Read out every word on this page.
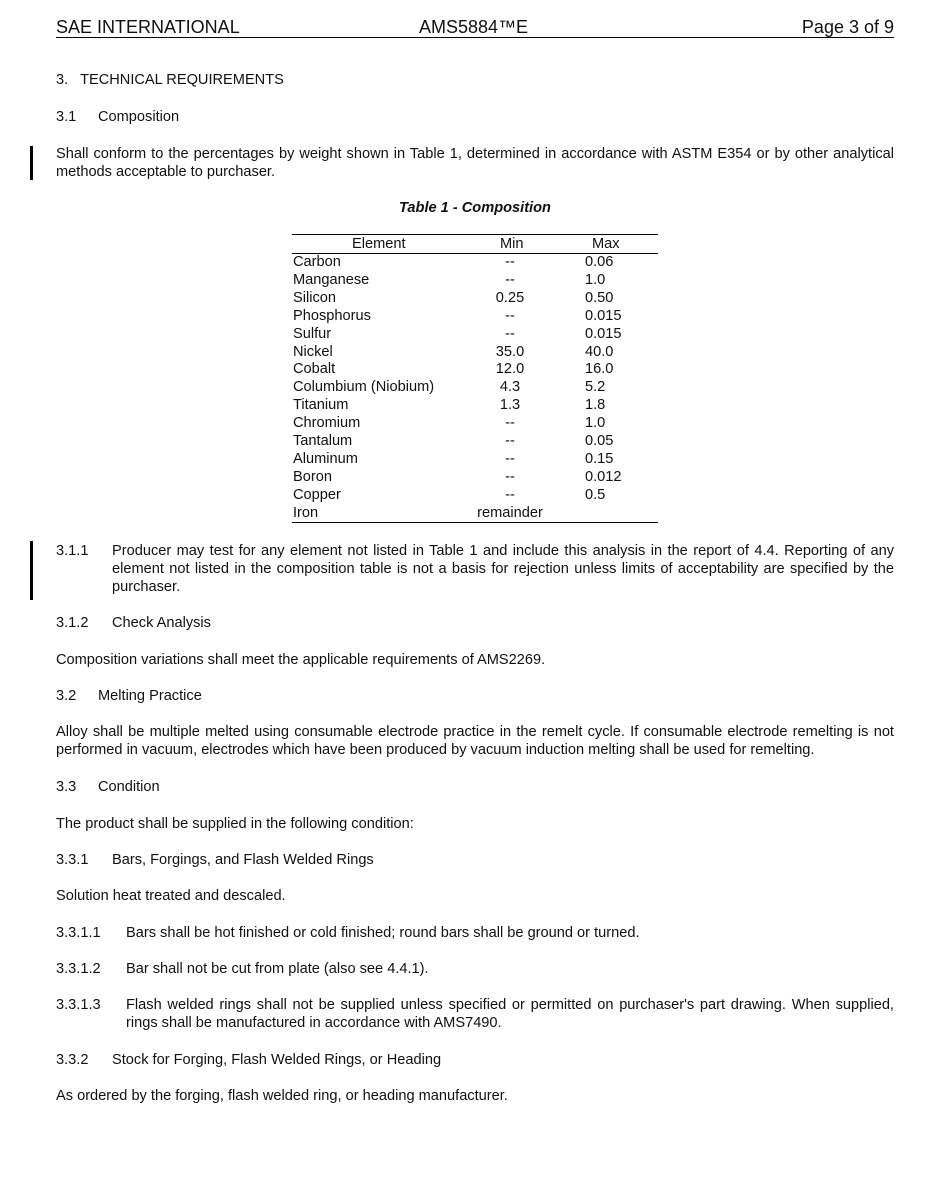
SAE INTERNATIONAL	AMS5884™E	Page 3 of 9

3.   TECHNICAL REQUIREMENTS

3.1 Composition

Shall conform to the percentages by weight shown in Table 1, determined in accordance with ASTM E354 or by other analytical methods acceptable to purchaser.

Table 1 - Composition
Element	Min	Max
Carbon	--	0.06
Manganese	--	1.0
Silicon	0.25	0.50
Phosphorus	--	0.015
Sulfur	--	0.015
Nickel	35.0	40.0
Cobalt	12.0	16.0
Columbium (Niobium)	4.3	5.2
Titanium	1.3	1.8
Chromium	--	1.0
Tantalum	--	0.05
Aluminum	--	0.15
Boron	--	0.012
Copper	--	0.5
Iron	remainder
3.1.1 Producer may test for any element not listed in Table 1 and include this analysis in the report of 4.4. Reporting of any element not listed in the composition table is not a basis for rejection unless limits of acceptability are specified by the purchaser.

3.1.2 Check Analysis

Composition variations shall meet the applicable requirements of AMS2269.

3.2 Melting Practice

Alloy shall be multiple melted using consumable electrode practice in the remelt cycle. If consumable electrode remelting is not performed in vacuum, electrodes which have been produced by vacuum induction melting shall be used for remelting.

3.3 Condition

The product shall be supplied in the following condition:

3.3.1 Bars, Forgings, and Flash Welded Rings

Solution heat treated and descaled.

3.3.1.1 Bars shall be hot finished or cold finished; round bars shall be ground or turned.

3.3.1.2 Bar shall not be cut from plate (also see 4.4.1).

3.3.1.3 Flash welded rings shall not be supplied unless specified or permitted on purchaser's part drawing. When supplied, rings shall be manufactured in accordance with AMS7490.

3.3.2 Stock for Forging, Flash Welded Rings, or Heading

As ordered by the forging, flash welded ring, or heading manufacturer.
